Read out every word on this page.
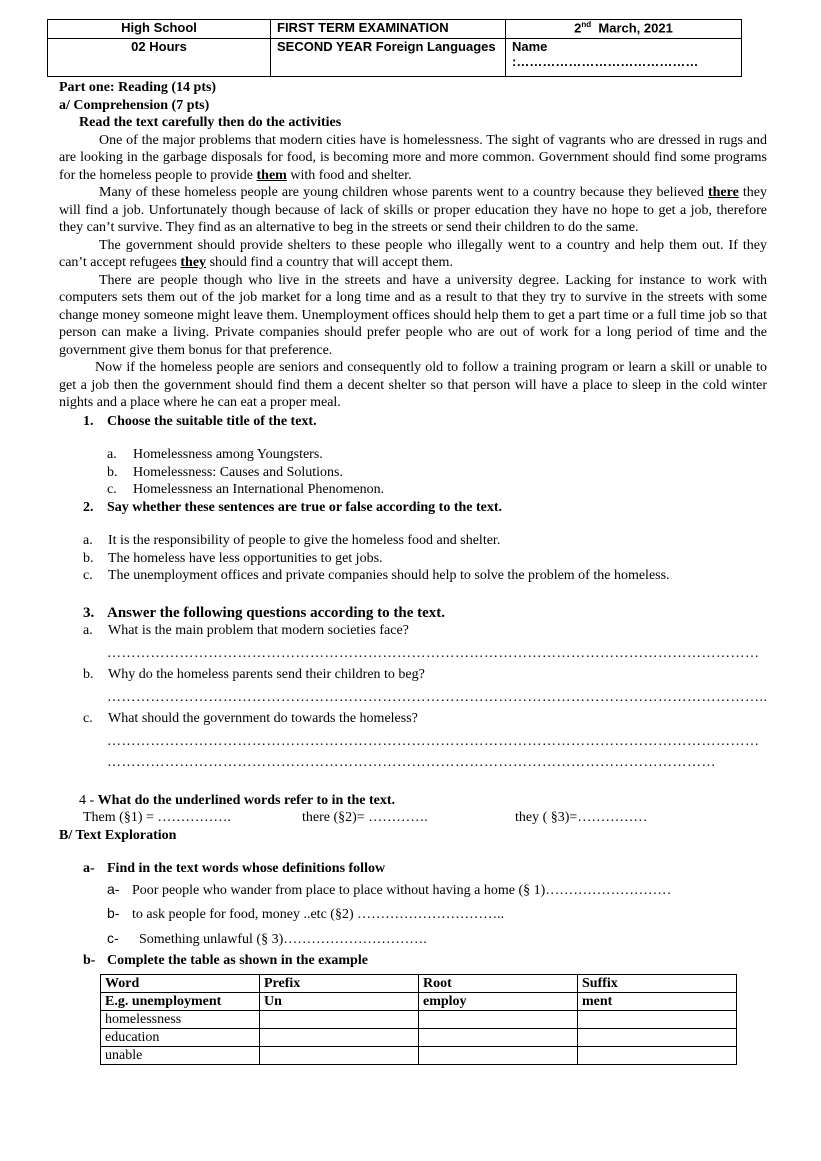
High School	FIRST TERM EXAMINATION	2nd  March, 2021
02 Hours	SECOND YEAR Foreign Languages	Name :……………………………………

Part one: Reading (14 pts)

a/ Comprehension (7 pts)

Read the text carefully then do the activities

One of the major problems that modern cities have is homelessness. The sight of vagrants who are dressed in rugs and are looking in the garbage disposals for food, is becoming more and more common. Government should find some programs for the homeless people to provide them with food and shelter.

Many of these homeless people are young children whose parents went to a country because they believed there they will find a job. Unfortunately though because of lack of skills or proper education they have no hope to get a job, therefore they can’t survive. They find as an alternative to beg in the streets or send their children to do the same.

The government should provide shelters to these people who illegally went to a country and help them out. If they can’t accept refugees they should find a country that will accept them.

There are people though who live in the streets and have a university degree. Lacking for instance to work with computers sets them out of the job market for a long time and as a result to that they try to survive in the streets with some change money someone might leave them. Unemployment offices should help them to get a part time or a full time job so that person can make a living. Private companies should prefer people who are out of work for a long period of time and the government give them bonus for that preference.

Now if the homeless people are seniors and consequently old to follow a training program or learn a skill or unable to get a job then the government should find them a decent shelter so that person will have a place to sleep in the cold winter nights and a place where he can eat a proper meal.

1. Choose the suitable title of the text.

a. Homelessness among Youngsters.

b. Homelessness: Causes and Solutions.

c. Homelessness an International Phenomenon.

2. Say whether these sentences are true or false according to the text.

a. It is the responsibility of people to give the homeless food and shelter.

b. The homeless have less opportunities to get jobs.

c. The unemployment offices and private companies should help to solve the problem of the homeless.

3. Answer the following questions according to the text.

a. What is the main problem that modern societies face?

………………………………………………………………………………………………………………………

b. Why do the homeless parents send their children to beg?

………………………………………………………………………………………………………………………..

c. What should the government do towards the homeless?

………………………………………………………………………………………………………………………
………………………………………………………………………………………………………………

4 - What do the underlined words refer to in the text.

Them (§1) = …………….	there (§2)= ………….	they ( §3)=……………

B/ Text Exploration

a- Find in the text words whose definitions follow

a- Poor people who wander from place to place without having a home (§ 1)………………………

b- to ask people for food, money ..etc (§2) …………………………..

c-  Something unlawful (§ 3)………………………….

b- Complete the table as shown in the example

Word	Prefix	Root	Suffix
E.g. unemployment	Un	employ	ment
homelessness			
education			
unable			
